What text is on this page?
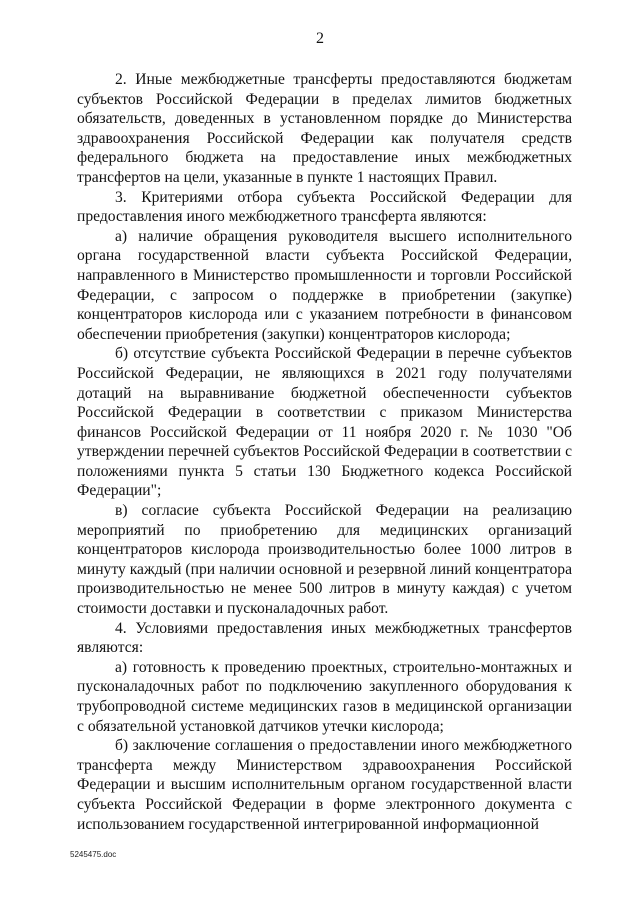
2

2. Иные межбюджетные трансферты предоставляются бюджетам субъектов Российской Федерации в пределах лимитов бюджетных обязательств, доведенных в установленном порядке до Министерства здравоохранения Российской Федерации как получателя средств федерального бюджета на предоставление иных межбюджетных трансфертов на цели, указанные в пункте 1 настоящих Правил.

3. Критериями отбора субъекта Российской Федерации для предоставления иного межбюджетного трансферта являются:

а) наличие обращения руководителя высшего исполнительного органа государственной власти субъекта Российской Федерации, направленного в Министерство промышленности и торговли Российской Федерации, с запросом о поддержке в приобретении (закупке) концентраторов кислорода или с указанием потребности в финансовом обеспечении приобретения (закупки) концентраторов кислорода;

б) отсутствие субъекта Российской Федерации в перечне субъектов Российской Федерации, не являющихся в 2021 году получателями дотаций на выравнивание бюджетной обеспеченности субъектов Российской Федерации в соответствии с приказом Министерства финансов Российской Федерации от 11 ноября 2020 г. № 1030 "Об утверждении перечней субъектов Российской Федерации в соответствии с положениями пункта 5 статьи 130 Бюджетного кодекса Российской Федерации";

в) согласие субъекта Российской Федерации на реализацию мероприятий по приобретению для медицинских организаций концентраторов кислорода производительностью более 1000 литров в минуту каждый (при наличии основной и резервной линий концентратора производительностью не менее 500 литров в минуту каждая) с учетом стоимости доставки и пусконаладочных работ.

4. Условиями предоставления иных межбюджетных трансфертов являются:

а) готовность к проведению проектных, строительно-монтажных и пусконаладочных работ по подключению закупленного оборудования к трубопроводной системе медицинских газов в медицинской организации с обязательной установкой датчиков утечки кислорода;

б) заключение соглашения о предоставлении иного межбюджетного трансферта между Министерством здравоохранения Российской Федерации и высшим исполнительным органом государственной власти субъекта Российской Федерации в форме электронного документа с использованием государственной интегрированной информационной

5245475.doc
